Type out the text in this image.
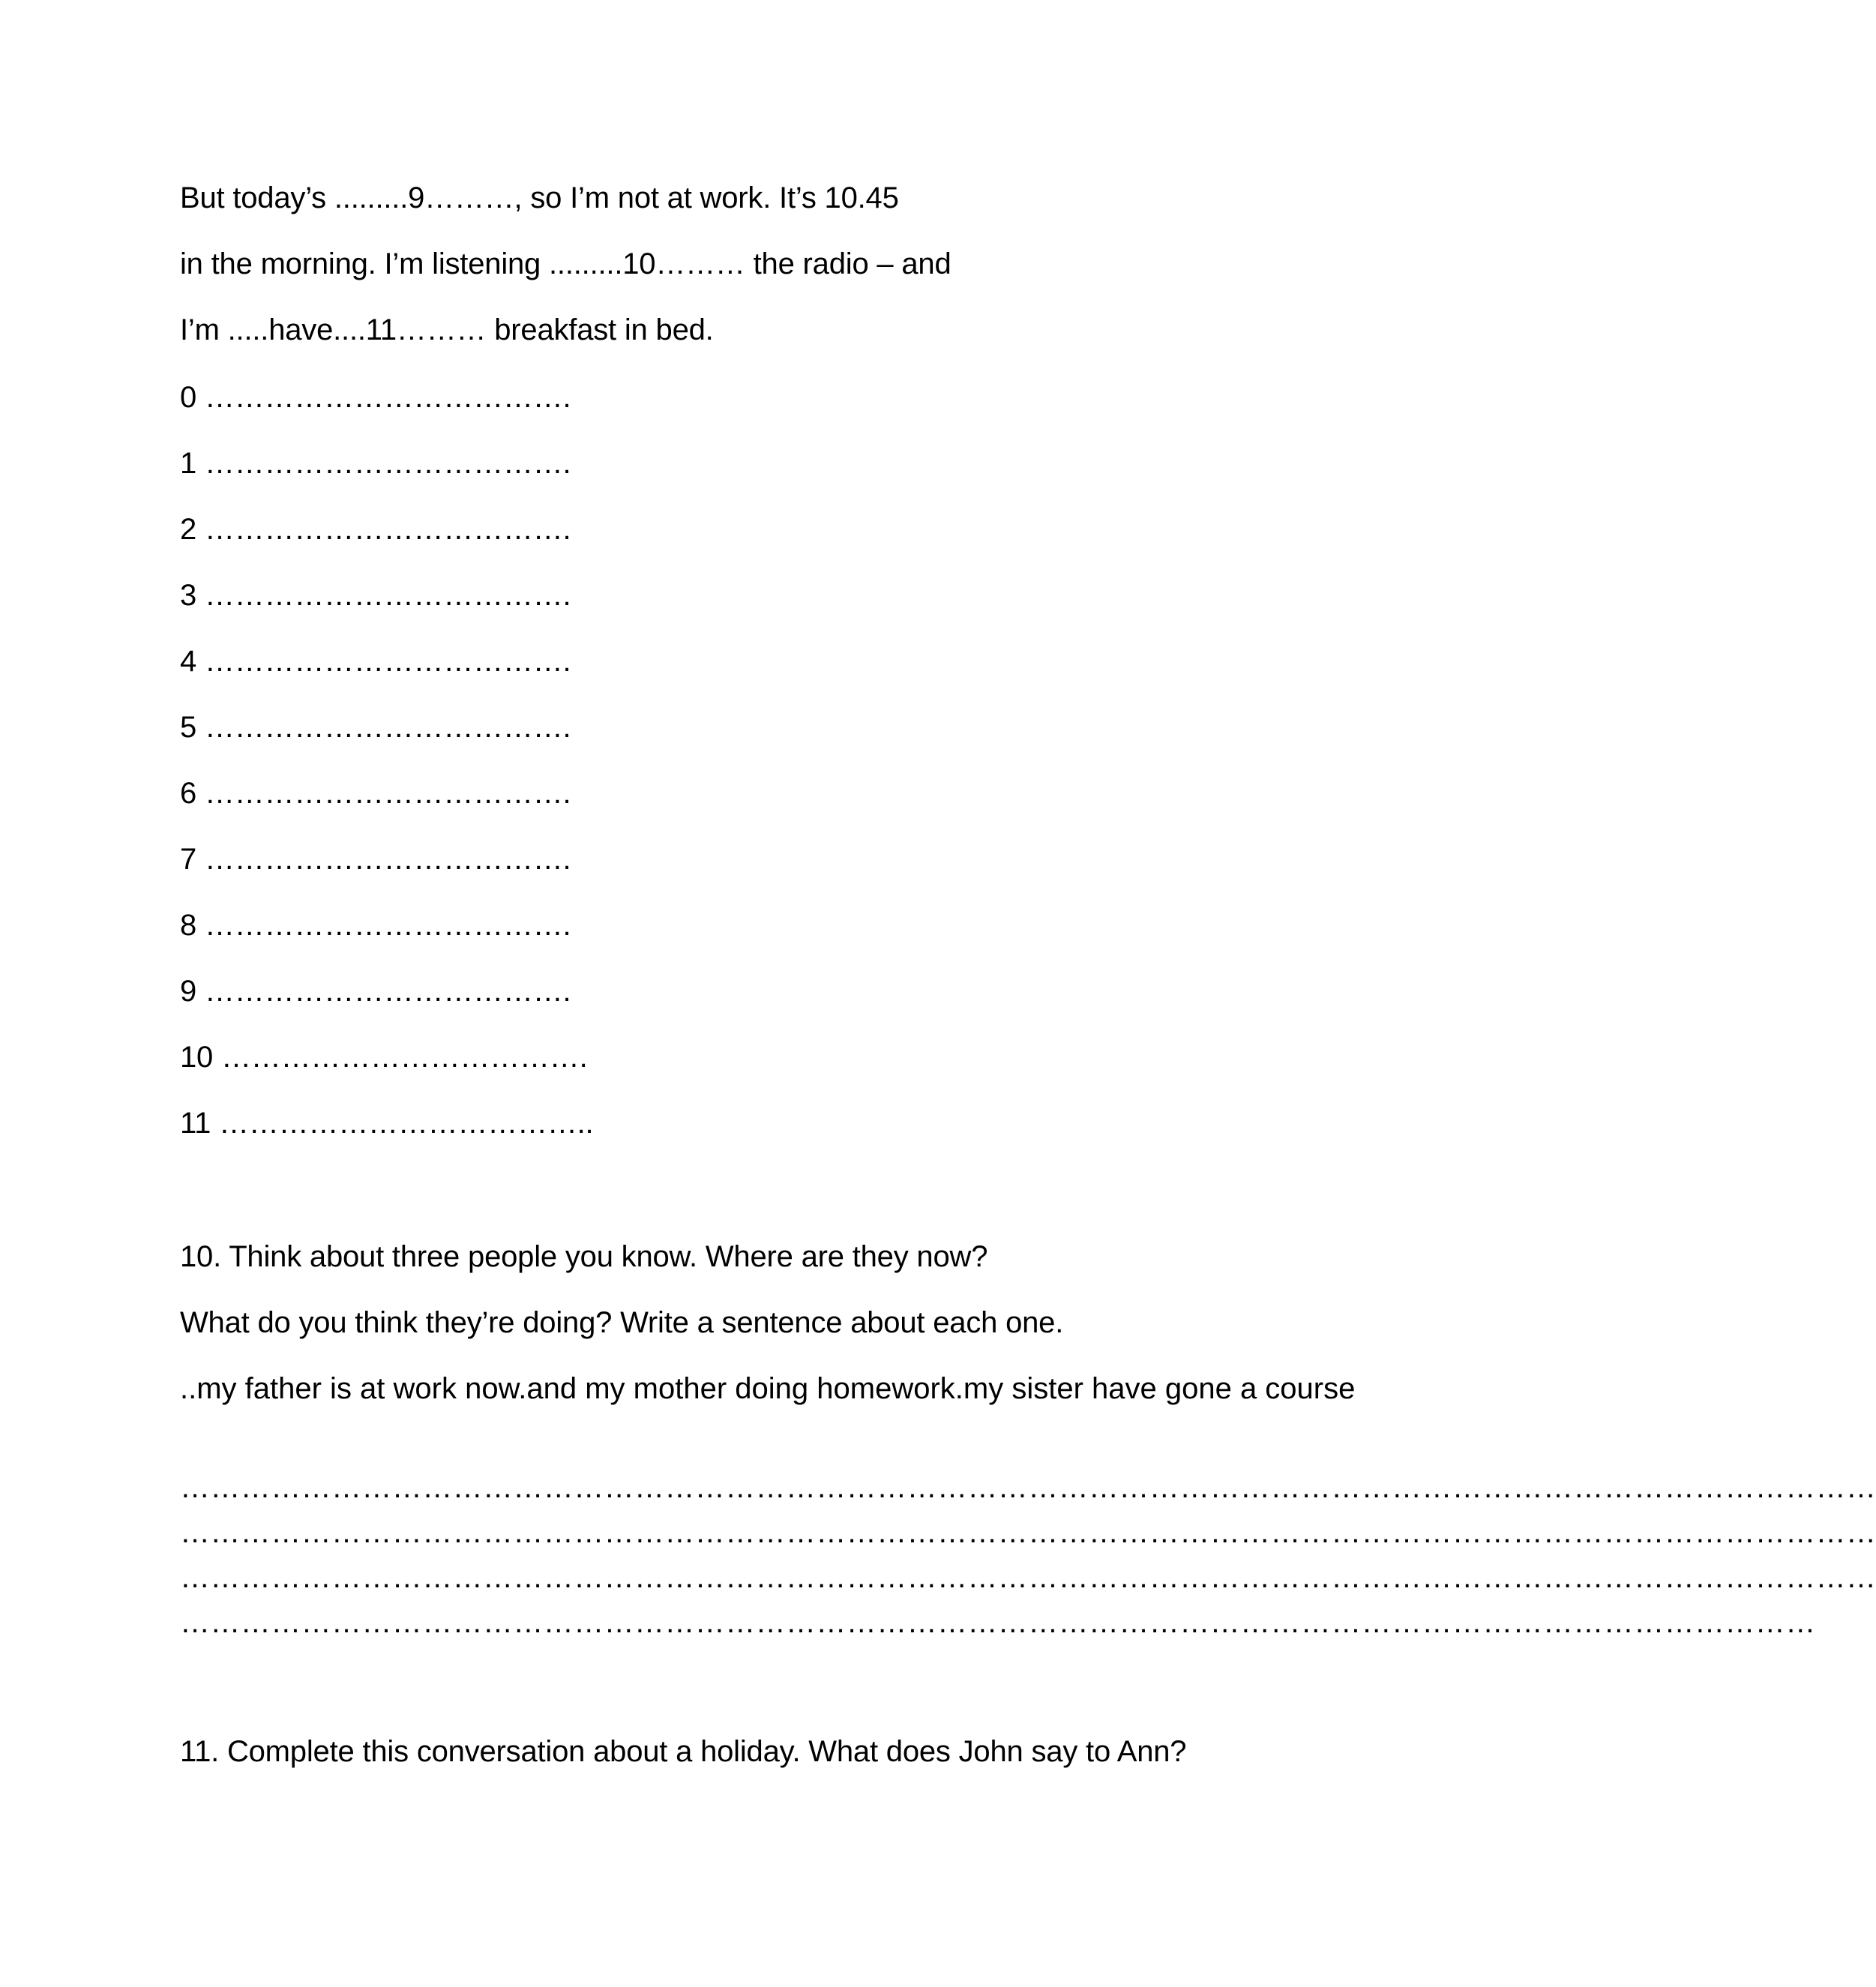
But today’s .........9………, so I’m not at work. It’s 10.45
in the morning. I’m listening .........10……… the radio – and
I’m .....have....11……… breakfast in bed.
0 ……………………………….
1 ……………………………….
2 ……………………………….
3 ……………………………….
4 ……………………………….
5 ……………………………….
6 ……………………………….
7 ……………………………….
8 ……………………………….
9 ……………………………….
10 ……………………………….
11 ………………………………..
10. Think about three people you know. Where are they now?
What do you think they’re doing? Write a sentence about each one.
..my father is at work now.and my mother doing homework.my sister have gone a course
……………………………………………………………………………………………………………………………………………………
……………………………………………………………………………………………………………………………………………………
……………………………………………………………………………………………………………………………………………………
………………………………………………………………………………………………………………………………………………
11. Complete this conversation about a holiday. What does John say to Ann?
